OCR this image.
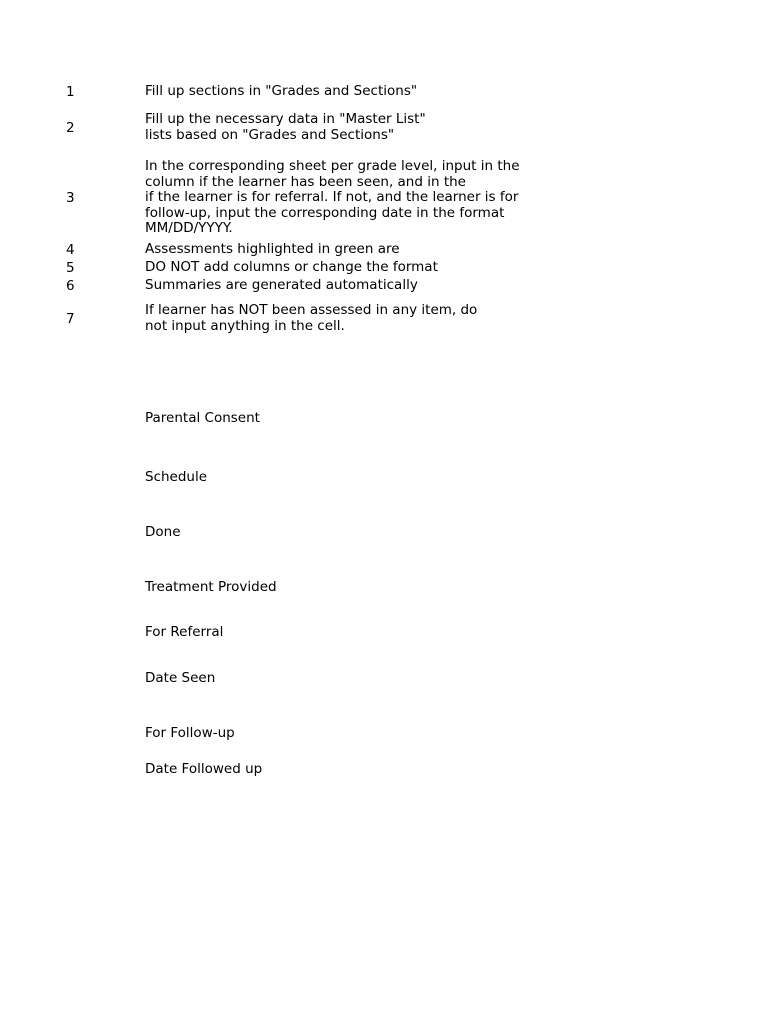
1
2
3
4
5
6
7
Fill up sections in "Grades and Sections"
Fill up the necessary data in "Master List"
lists based on "Grades and Sections"
In the corresponding sheet per grade level, input in the
column if the learner has been seen, and in the
if the learner is for referral. If not, and the learner is for
follow-up, input the corresponding date in the format
MM/DD/YYYY.
Assessments highlighted in green are
DO NOT add columns or change the format
Summaries are generated automatically
If learner has NOT been assessed in any item, do
not input anything in the cell.
Parental Consent
Schedule
Done
Treatment Provided
For Referral
Date Seen
For Follow-up
Date Followed up
